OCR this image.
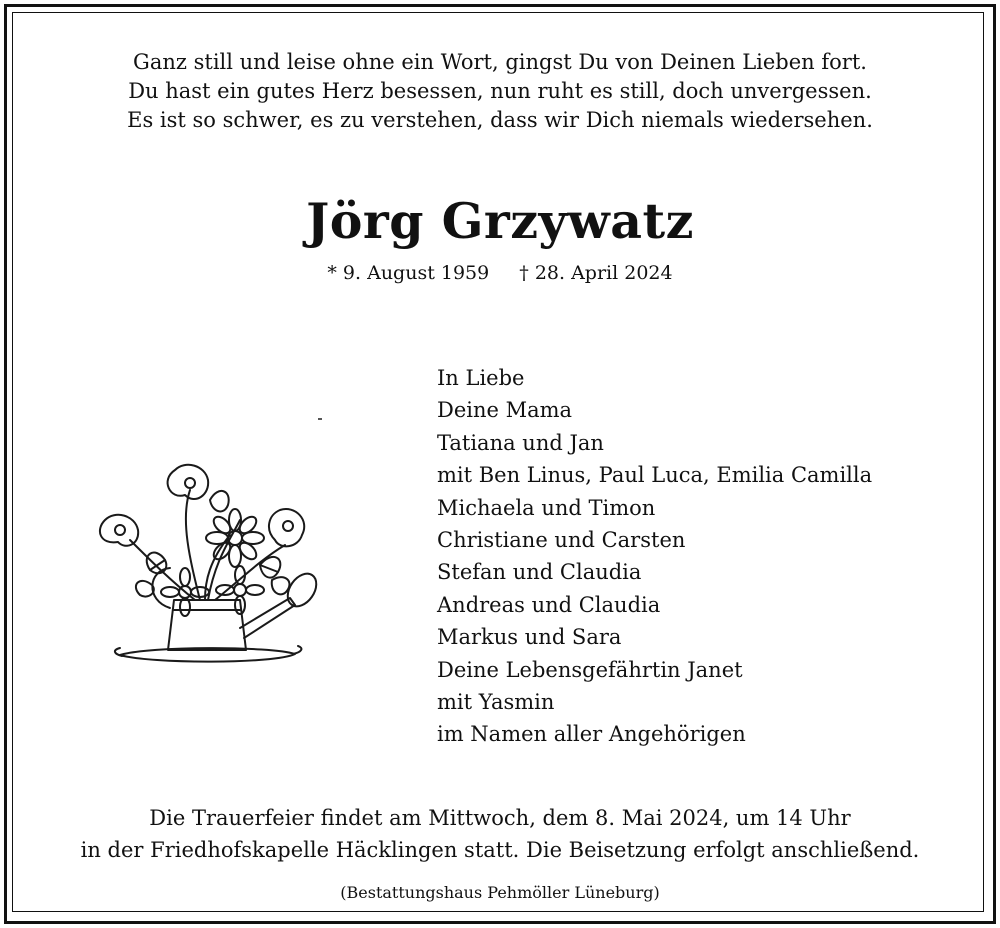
Ganz still und leise ohne ein Wort, gingst Du von Deinen Lieben fort.
Du hast ein gutes Herz besessen, nun ruht es still, doch unvergessen.
Es ist so schwer, es zu verstehen, dass wir Dich niemals wiedersehen.
Jörg Grzywatz
* 9. August 1959 † 28. April 2024
In Liebe
Deine Mama
Tatiana und Jan
mit Ben Linus, Paul Luca, Emilia Camilla
Michaela und Timon
Christiane und Carsten
Stefan und Claudia
Andreas und Claudia
Markus und Sara
Deine Lebensgefährtin Janet
mit Yasmin
im Namen aller Angehörigen
Die Trauerfeier findet am Mittwoch, dem 8. Mai 2024, um 14 Uhr
in der Friedhofskapelle Häcklingen statt. Die Beisetzung erfolgt anschließend.
(Bestattungshaus Pehmöller Lüneburg)
